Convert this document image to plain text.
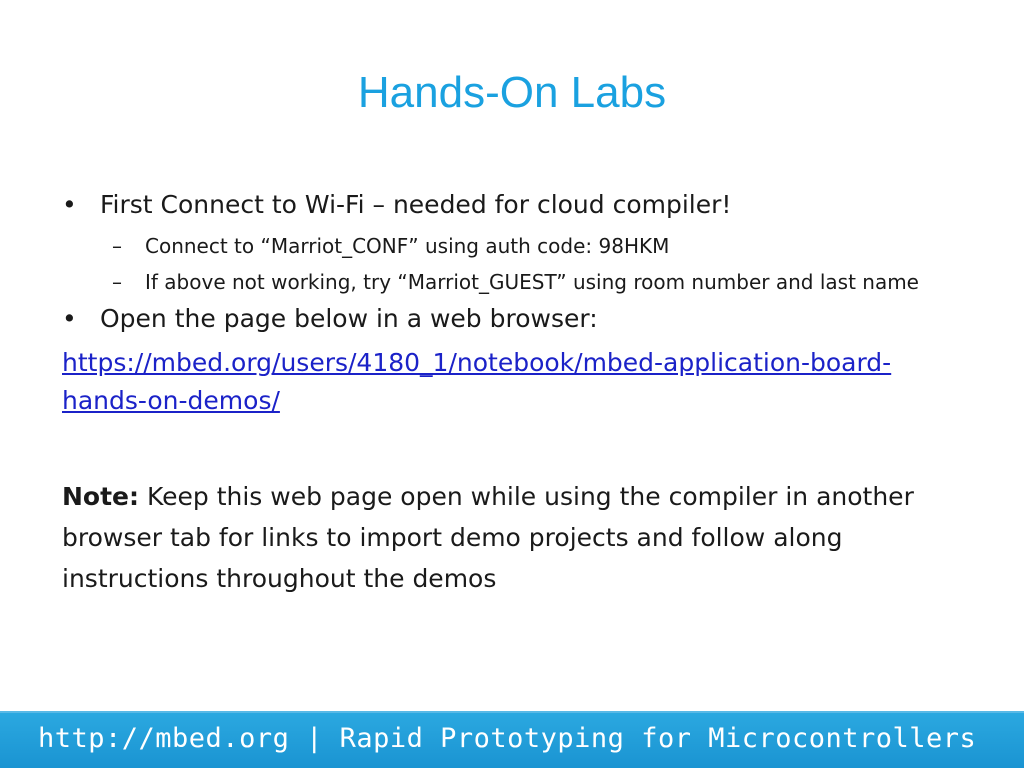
Hands-On Labs
• First Connect to Wi-Fi – needed for cloud compiler!
– Connect to “Marriot_CONF” using auth code: 98HKM
– If above not working, try “Marriot_GUEST” using room number and last name
• Open the page below in a web browser:
https://mbed.org/users/4180_1/notebook/mbed-application-board-hands-on-demos/
Note: Keep this web page open while using the compiler in another browser tab for links to import demo projects and follow along instructions throughout the demos
http://mbed.org | Rapid Prototyping for Microcontrollers
